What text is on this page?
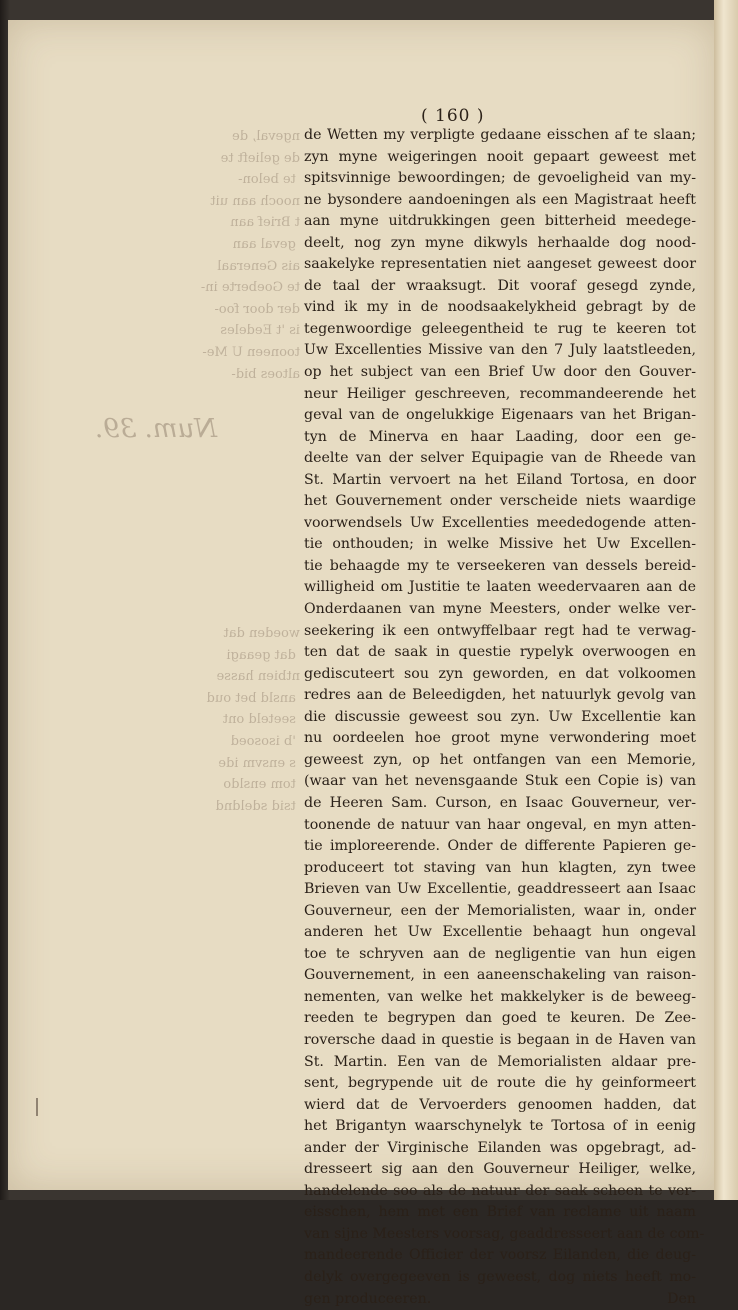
ngeval, de
de gelieft te
te belon-
nooch aan uit
t Brief aan
geval aan
ais Generaal
te Goeberte in-
der door foo-
is 't Eedeles
tooneen U Me-
altoes bid-
Num. 39.
woeden dat
dat geaagi
ntbien hasse
ansld bet oud
seeteld ont
'b isosoed
s ensvm ide
tom ensldo
tsid sdeldnd
( 160 )
de Wetten my verpligte gedaane eisschen af te slaan;
zyn myne weigeringen nooit gepaart geweest met
spitsvinnige bewoordingen; de gevoeligheid van my-
ne bysondere aandoeningen als een Magistraat heeft
aan myne uitdrukkingen geen bitterheid meedege-
deelt, nog zyn myne dikwyls herhaalde dog nood-
saakelyke representatien niet aangeset geweest door
de taal der wraaksugt. Dit vooraf gesegd zynde,
vind ik my in de noodsaakelykheid gebragt by de
tegenwoordige geleegentheid te rug te keeren tot
Uw Excellenties Missive van den 7 July laatstleeden,
op het subject van een Brief Uw door den Gouver-
neur Heiliger geschreeven, recommandeerende het
geval van de ongelukkige Eigenaars van het Brigan-
tyn de Minerva en haar Laading, door een ge-
deelte van der selver Equipagie van de Rheede van
St. Martin vervoert na het Eiland Tortosa, en door
het Gouvernement onder verscheide niets waardige
voorwendsels Uw Excellenties meededogende atten-
tie onthouden; in welke Missive het Uw Excellen-
tie behaagde my te verseekeren van dessels bereid-
willigheid om Justitie te laaten weedervaaren aan de
Onderdaanen van myne Meesters, onder welke ver-
seekering ik een ontwyffelbaar regt had te verwag-
ten dat de saak in questie rypelyk overwoogen en
gediscuteert sou zyn geworden, en dat volkoomen
redres aan de Beleedigden, het natuurlyk gevolg van
die discussie geweest sou zyn. Uw Excellentie kan
nu oordeelen hoe groot myne verwondering moet
geweest zyn, op het ontfangen van een Memorie,
(waar van het nevensgaande Stuk een Copie is) van
de Heeren Sam. Curson, en Isaac Gouverneur, ver-
toonende de natuur van haar ongeval, en myn atten-
tie imploreerende. Onder de differente Papieren ge-
produceert tot staving van hun klagten, zyn twee
Brieven van Uw Excellentie, geaddresseert aan Isaac
Gouverneur, een der Memorialisten, waar in, onder
anderen het Uw Excellentie behaagt hun ongeval
toe te schryven aan de negligentie van hun eigen
Gouvernement, in een aaneenschakeling van raison-
nementen, van welke het makkelyker is de beweeg-
reeden te begrypen dan goed te keuren. De Zee-
roversche daad in questie is begaan in de Haven van
St. Martin. Een van de Memorialisten aldaar pre-
sent, begrypende uit de route die hy geinformeert
wierd dat de Vervoerders genoomen hadden, dat
het Brigantyn waarschynelyk te Tortosa of in eenig
ander der Virginische Eilanden was opgebragt, ad-
dresseert sig aan den Gouverneur Heiliger, welke,
handelende soo als de natuur der saak scheen te ver-
eisschen, hem met een Brief van reclame uit naam
van sijne Meesters voorsag, geaddresseert aan de com-
mandeerende Officier der voorsz Eilanden, die deug-
delyk overgegeeven is geweest, dog niets heeft mo-
gen produceeren.	Den
